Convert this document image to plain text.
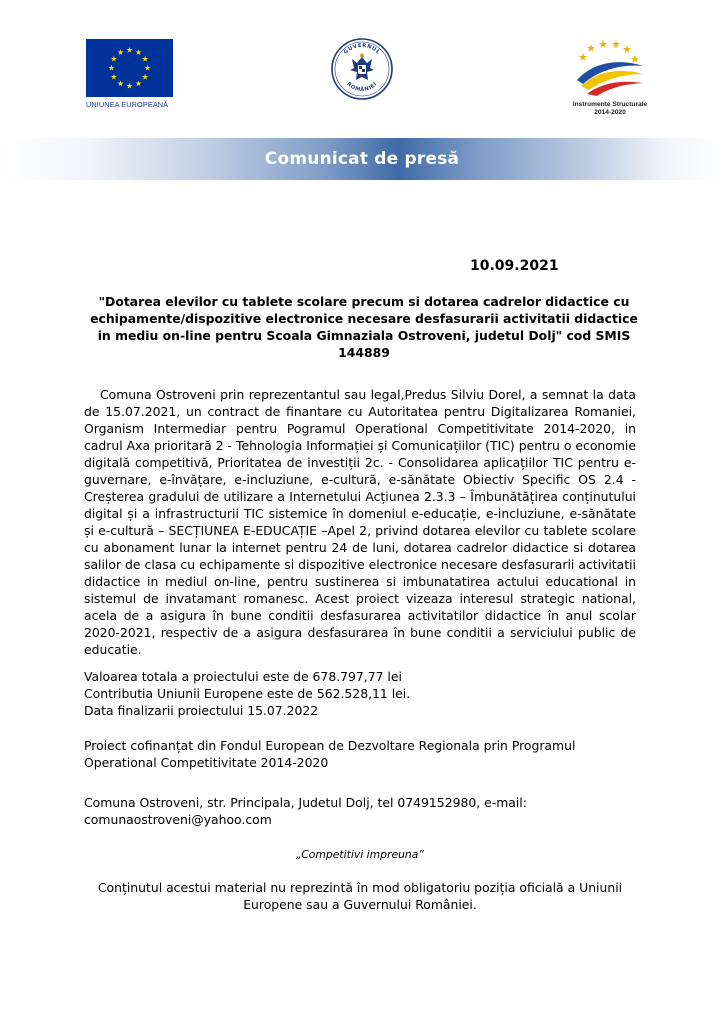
UNIUNEA EUROPEANĂ
GUVERNUL
ROMÂNIEI
Instrumente Structurale
2014-2020
Comunicat de presă
10.09.2021
"Dotarea elevilor cu tablete scolare precum si dotarea cadrelor didactice cu
echipamente/dispozitive electronice necesare desfasurarii activitatii didactice
in mediu on-line pentru Scoala Gimnaziala Ostroveni, judetul Dolj" cod SMIS
144889

Comuna Ostroveni prin reprezentantul sau legal,Predus Silviu Dorel, a semnat la data de 15.07.2021, un contract de finantare cu Autoritatea pentru Digitalizarea Romaniei, Organism Intermediar pentru Pogramul Operational Competitivitate 2014-2020, in cadrul Axa prioritară 2 - Tehnologia Informației și Comunicațiilor (TIC) pentru o economie digitală competitivă, Prioritatea de investiții 2c. - Consolidarea aplicațiilor TIC pentru e-guvernare, e-învățare, e-incluziune, e-cultură, e-sănătate Obiectiv Specific OS 2.4 - Creșterea gradului de utilizare a Internetului Acțiunea 2.3.3 – Îmbunătățirea conținutului digital și a infrastructurii TIC sistemice în domeniul e-educație, e-incluziune, e-sănătate și e-cultură – SECȚIUNEA E-EDUCAȚIE –Apel 2, privind dotarea elevilor cu tablete scolare cu abonament lunar la internet pentru 24 de luni, dotarea cadrelor didactice si dotarea salilor de clasa cu echipamente si dispozitive electronice necesare desfasurarii activitatii didactice in mediul on-line, pentru sustinerea si imbunatatirea actului educational in sistemul de invatamant romanesc. Acest proiect vizeaza interesul strategic national, acela de a asigura în bune conditii desfasurarea activitatilor didactice în anul scolar 2020-2021, respectiv de a asigura desfasurarea în bune conditii a serviciului public de educatie.

Valoarea totala a proiectului este de 678.797,77 lei
Contributia Uniunii Europene este de 562.528,11 lei.
Data finalizarii proiectului 15.07.2022
Proiect cofinanțat din Fondul European de Dezvoltare Regionala prin Programul
Operational Competitivitate 2014-2020
Comuna Ostroveni, str. Principala, Judetul Dolj, tel 0749152980, e-mail:
comunaostroveni@yahoo.com
„Competitivi impreuna”
Conținutul acestui material nu reprezintă în mod obligatoriu poziția oficială a Uniunii
Europene sau a Guvernului României.
